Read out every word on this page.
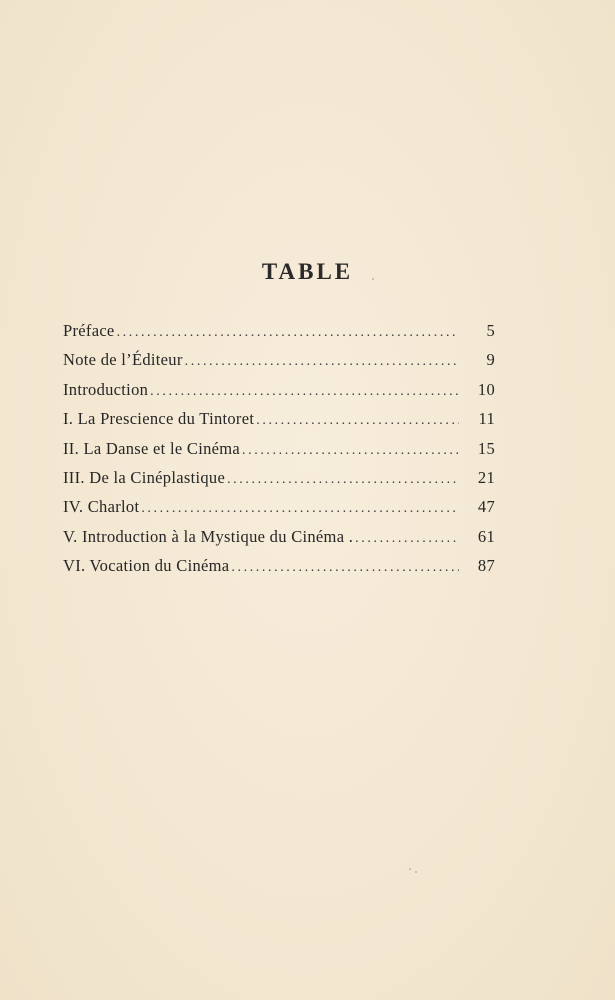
TABLE
Préface .....	5
Note de l’Éditeur .....	9
Introduction .....	10
I. La Prescience du Tintoret .....	11
II. La Danse et le Cinéma .....	15
III. De la Cinéplastique .....	21
IV. Charlot .....	47
V. Introduction à la Mystique du Cinéma . .....	61
VI. Vocation du Cinéma .....	87
